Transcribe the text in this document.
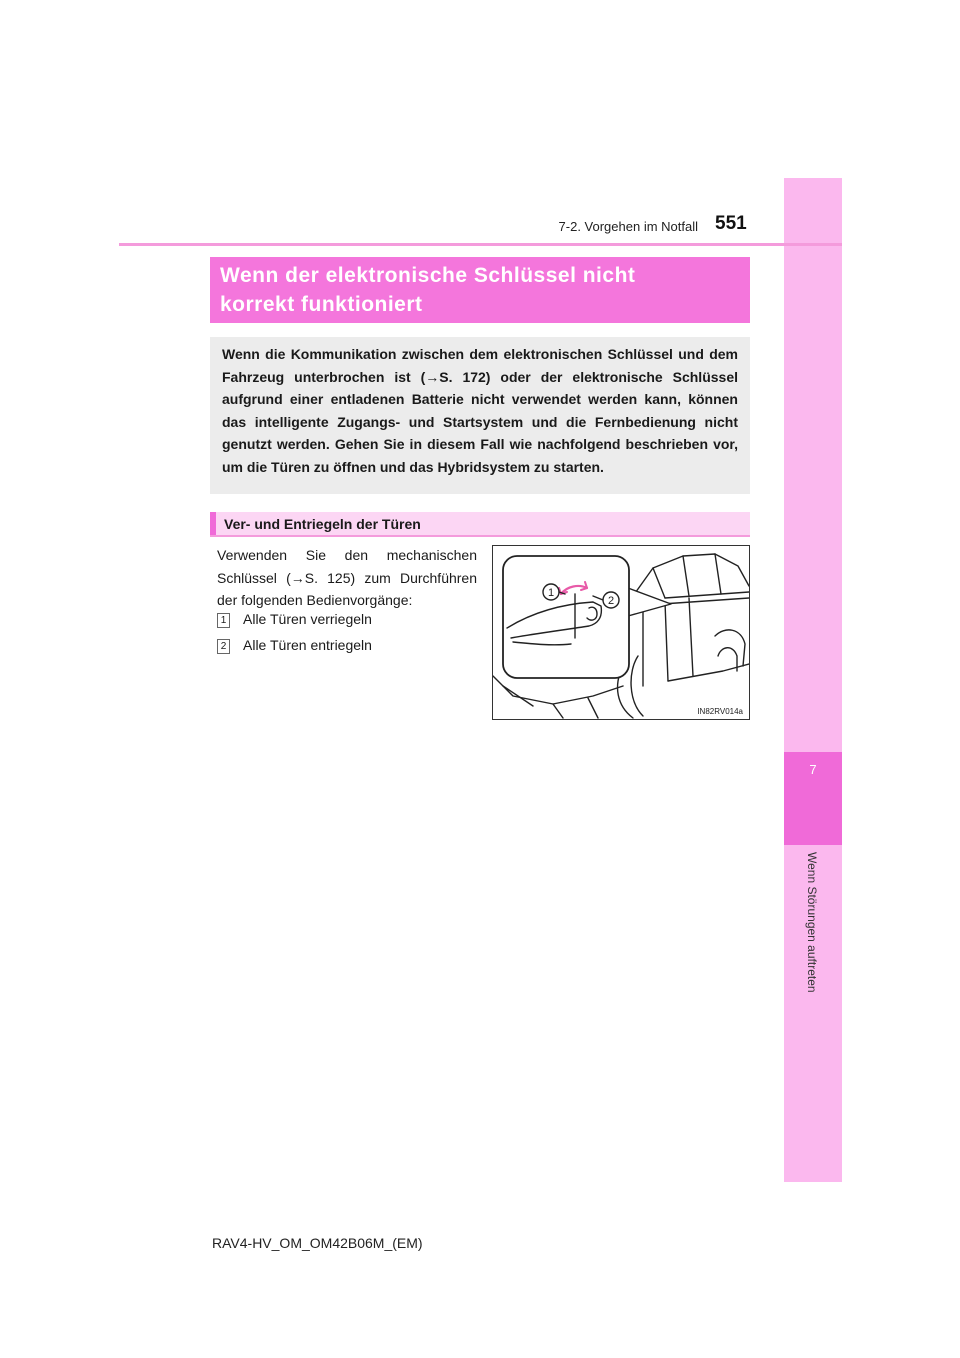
7
Wenn Störungen auftreten
7-2. Vorgehen im Notfall 551
Wenn der elektronische Schlüssel nicht
korrekt funktioniert

Wenn die Kommunikation zwischen dem elektronischen Schlüssel und dem Fahrzeug unterbrochen ist (→S. 172) oder der elektronische Schlüssel aufgrund einer entladenen Batterie nicht verwendet werden kann, können das intelligente Zugangs- und Startsystem und die Fernbedienung nicht genutzt werden. Gehen Sie in diesem Fall wie nachfolgend beschrieben vor, um die Türen zu öffnen und das Hybridsystem zu starten.

Ver- und Entriegeln der Türen
Verwenden Sie den mechanischen Schlüssel (→S. 125) zum Durchführen der folgenden Bedienvorgänge:
1 Alle Türen verriegeln
2 Alle Türen entriegeln
1
2
IN82RV014a
RAV4-HV_OM_OM42B06M_(EM)
